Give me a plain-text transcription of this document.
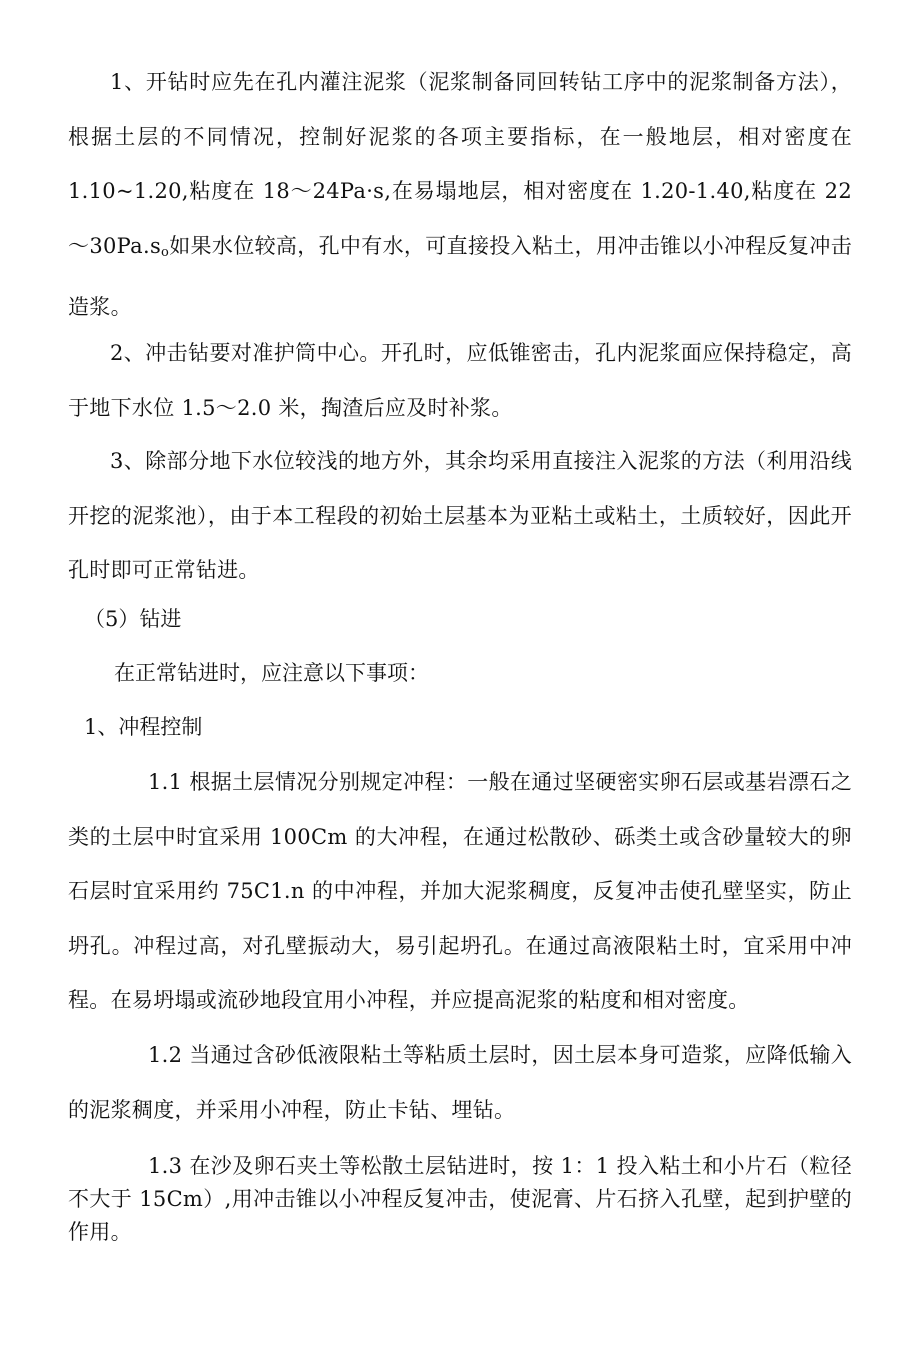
1、开钻时应先在孔内灌注泥浆（泥浆制备同回转钻工序中的泥浆制备方法），根据土层的不同情况，控制好泥浆的各项主要指标，在一般地层，相对密度在 1.10~1.20,粘度在 18～24Pa·s,在易塌地层，相对密度在 1.20-1.40,粘度在 $22\sim 30Pa.s_o$如果水位较高，孔中有水，可直接投入粘土，用冲击锥以小冲程反复冲击造浆。

2、冲击钻要对准护筒中心。开孔时，应低锥密击，孔内泥浆面应保持稳定，高于地下水位 1.5～2.0 米，掏渣后应及时补浆。

3、除部分地下水位较浅的地方外，其余均采用直接注入泥浆的方法（利用沿线开挖的泥浆池），由于本工程段的初始土层基本为亚粘土或粘土，土质较好，因此开孔时即可正常钻进。

（5）钻进

在正常钻进时，应注意以下事项：

1、冲程控制

1.1 根据土层情况分别规定冲程：一般在通过坚硬密实卵石层或基岩漂石之类的土层中时宜采用 100Cm 的大冲程，在通过松散砂、砾类土或含砂量较大的卵石层时宜采用约 75C1.n 的中冲程，并加大泥浆稠度，反复冲击使孔壁坚实，防止坍孔。冲程过高，对孔壁振动大，易引起坍孔。在通过高液限粘土时，宜采用中冲程。在易坍塌或流砂地段宜用小冲程，并应提高泥浆的粘度和相对密度。

1.2 当通过含砂低液限粘土等粘质土层时，因土层本身可造浆，应降低输入的泥浆稠度，并采用小冲程，防止卡钻、埋钻。

1.3 在沙及卵石夹土等松散土层钻进时，按 1：1 投入粘土和小片石（粒径不大于 15Cm）,用冲击锥以小冲程反复冲击，使泥膏、片石挤入孔壁，起到护壁的作用。
